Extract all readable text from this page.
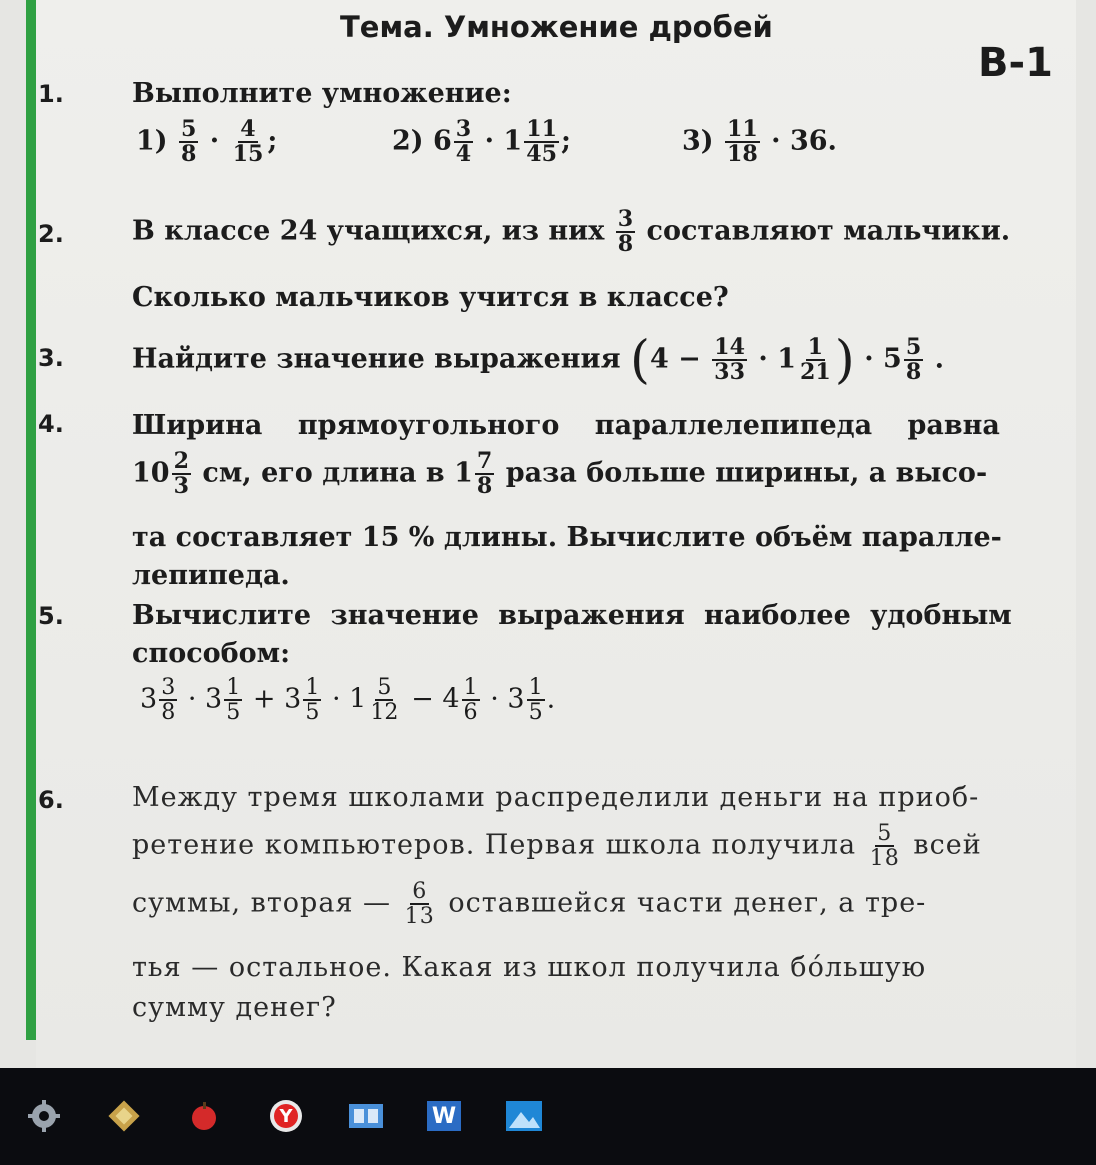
Тема. Умножение дробей
В-1
1.	Выполните умножение:
$1) \frac{5}{8} \cdot \frac{4}{15}$ ;	2) $6 \frac{3}{4} \cdot 1 \frac{11}{45}$ ;	$3) \frac{11}{18} \cdot 36$.
2.	В классе 24 учащихся, из них $\frac{3}{8}$ составляют мальчики.
Сколько мальчиков учится в классе?
3.	Найдите значение выражения ($4 - \frac{14}{33} \cdot 1 \frac{1}{21}$ ) · $5 \frac{5}{8}$ .
4.	Ширина прямоугольного параллелепипеда равна
$10 \frac{2}{3}$ см, его длина в $1 \frac{7}{8}$ раза больше ширины, а высо-
та составляет 15 % длины. Вычислите объём паралле-
лепипеда.
5.	Вычислите значение выражения наиболее удобным
способом:
$3 \frac{3}{8} \cdot 3 \frac{1}{5} + 3 \frac{1}{5} \cdot 1 \frac{5}{12} - 4 \frac{1}{6} \cdot 3 \frac{1}{5}$ .
6.	Между тремя школами распределили деньги на приоб-
ретение компьютеров. Первая школа получила $\frac{5}{18}$ всей
суммы, вторая — $\frac{6}{13}$ оставшейся части денег, а тре-
тья — остальное. Какая из школ получила бóльшую
сумму денег?
Y	W
